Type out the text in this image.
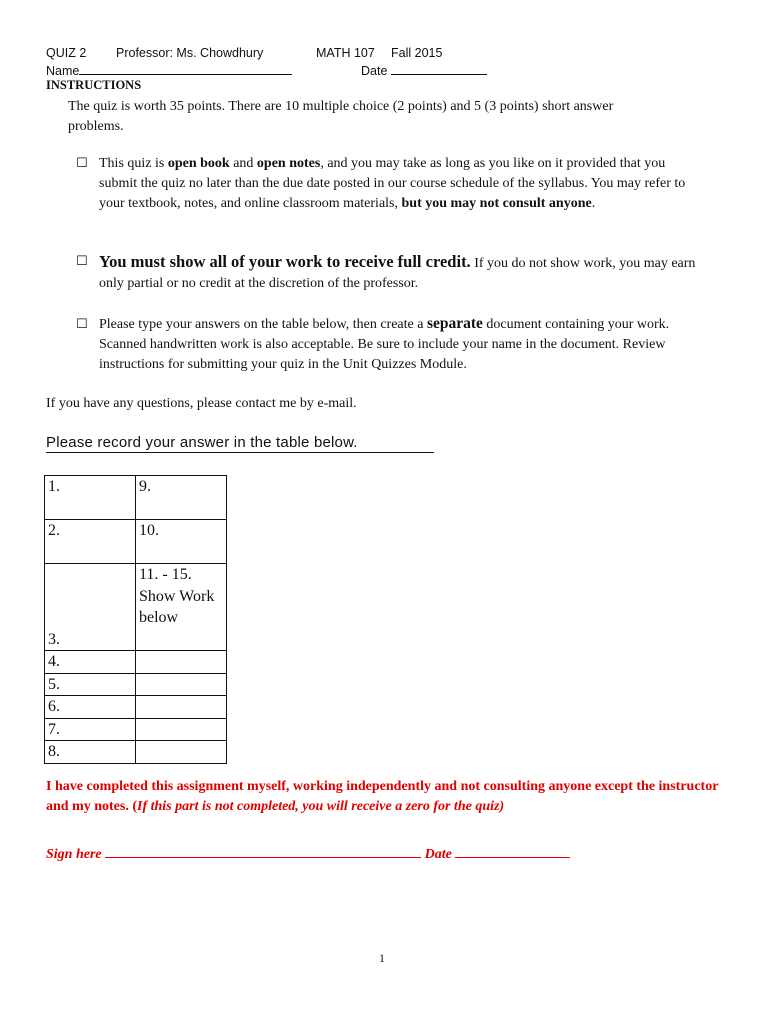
QUIZ 2 Professor: Ms. Chowdhury	MATH 107 Fall 2015
Name	Date
INSTRUCTIONS
The quiz is worth 35 points. There are 10 multiple choice (2 points) and 5 (3 points) short answer problems.
☐ This quiz is open book and open notes, and you may take as long as you like on it provided that you submit the quiz no later than the due date posted in our course schedule of the syllabus. You may refer to your textbook, notes, and online classroom materials, but you may not consult anyone.
☐ You must show all of your work to receive full credit. If you do not show work, you may earn only partial or no credit at the discretion of the professor.
☐ Please type your answers on the table below, then create a separate document containing your work. Scanned handwritten work is also acceptable. Be sure to include your name in the document. Review instructions for submitting your quiz in the Unit Quizzes Module.
If you have any questions, please contact me by e-mail.
Please record your answer in the table below.
1.	9.
2.	10.
3.	11. - 15. Show Work below
4.	
5.	
6.	
7.	
8.	
I have completed this assignment myself, working independently and not consulting anyone except the instructor and my notes. (If this part is not completed, you will receive a zero for the quiz)
Sign here	Date
1
